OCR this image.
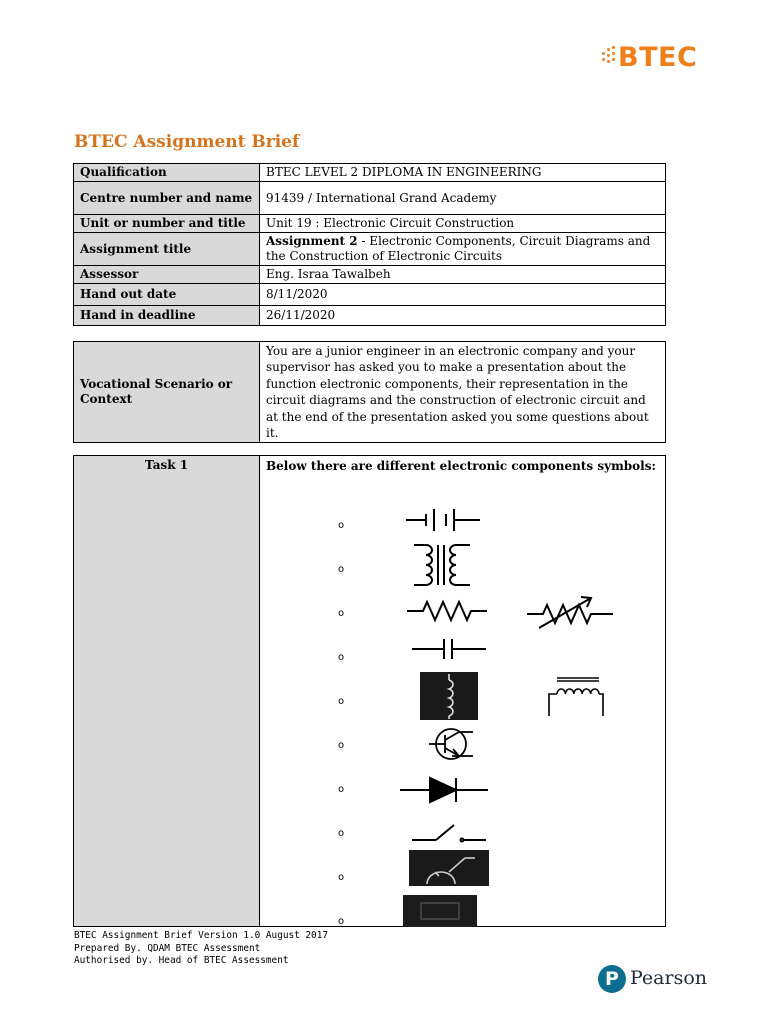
BTEC
BTEC Assignment Brief
Qualification	BTEC LEVEL 2 DIPLOMA IN ENGINEERING
Centre number and name	91439 / International Grand Academy
Unit or number and title	Unit 19 : Electronic Circuit Construction
Assignment title	Assignment 2 - Electronic Components, Circuit Diagrams and the Construction of Electronic Circuits
Assessor	Eng. Israa Tawalbeh
Hand out date	8/11/2020
Hand in deadline	26/11/2020
Vocational Scenario or Context	You are a junior engineer in an electronic company and your supervisor has asked you to make a presentation about the function electronic components, their representation in the circuit diagrams and the construction of electronic circuit and at the end of the presentation asked you some questions about it.
Task 1	Below there are different electronic components symbols:
o
o
o
o
o
o
o
o
o
o
BTEC Assignment Brief Version 1.0 August 2017
Prepared By. QDAM BTEC Assessment
Authorised by. Head of BTEC Assessment
P Pearson
